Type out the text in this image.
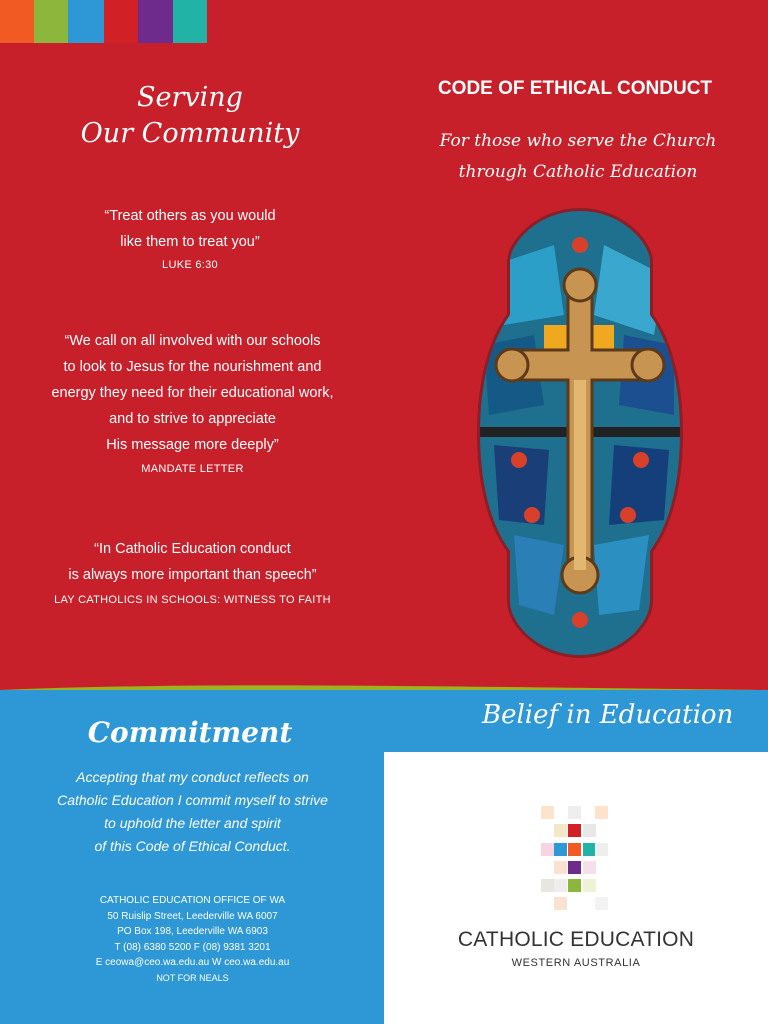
Serving
Our Community
“Treat others as you would
like them to treat you”
LUKE 6:30
“We call on all involved with our schools
to look to Jesus for the nourishment and
energy they need for their educational work,
and to strive to appreciate
His message more deeply”
MANDATE LETTER
“In Catholic Education conduct
is always more important than speech”
LAY CATHOLICS IN SCHOOLS: WITNESS TO FAITH
CODE OF ETHICAL CONDUCT
For those who serve the Church
through Catholic Education
Belief in Education
Commitment
Accepting that my conduct reflects on
Catholic Education I commit myself to strive
to uphold the letter and spirit
of this Code of Ethical Conduct.
CATHOLIC EDUCATION OFFICE OF WA
50 Ruislip Street, Leederville WA 6007
PO Box 198, Leederville WA 6903
T (08) 6380 5200 F (08) 9381 3201
E ceowa@ceo.wa.edu.au W ceo.wa.edu.au
NOT FOR NEALS
CATHOLIC EDUCATION
WESTERN AUSTRALIA
